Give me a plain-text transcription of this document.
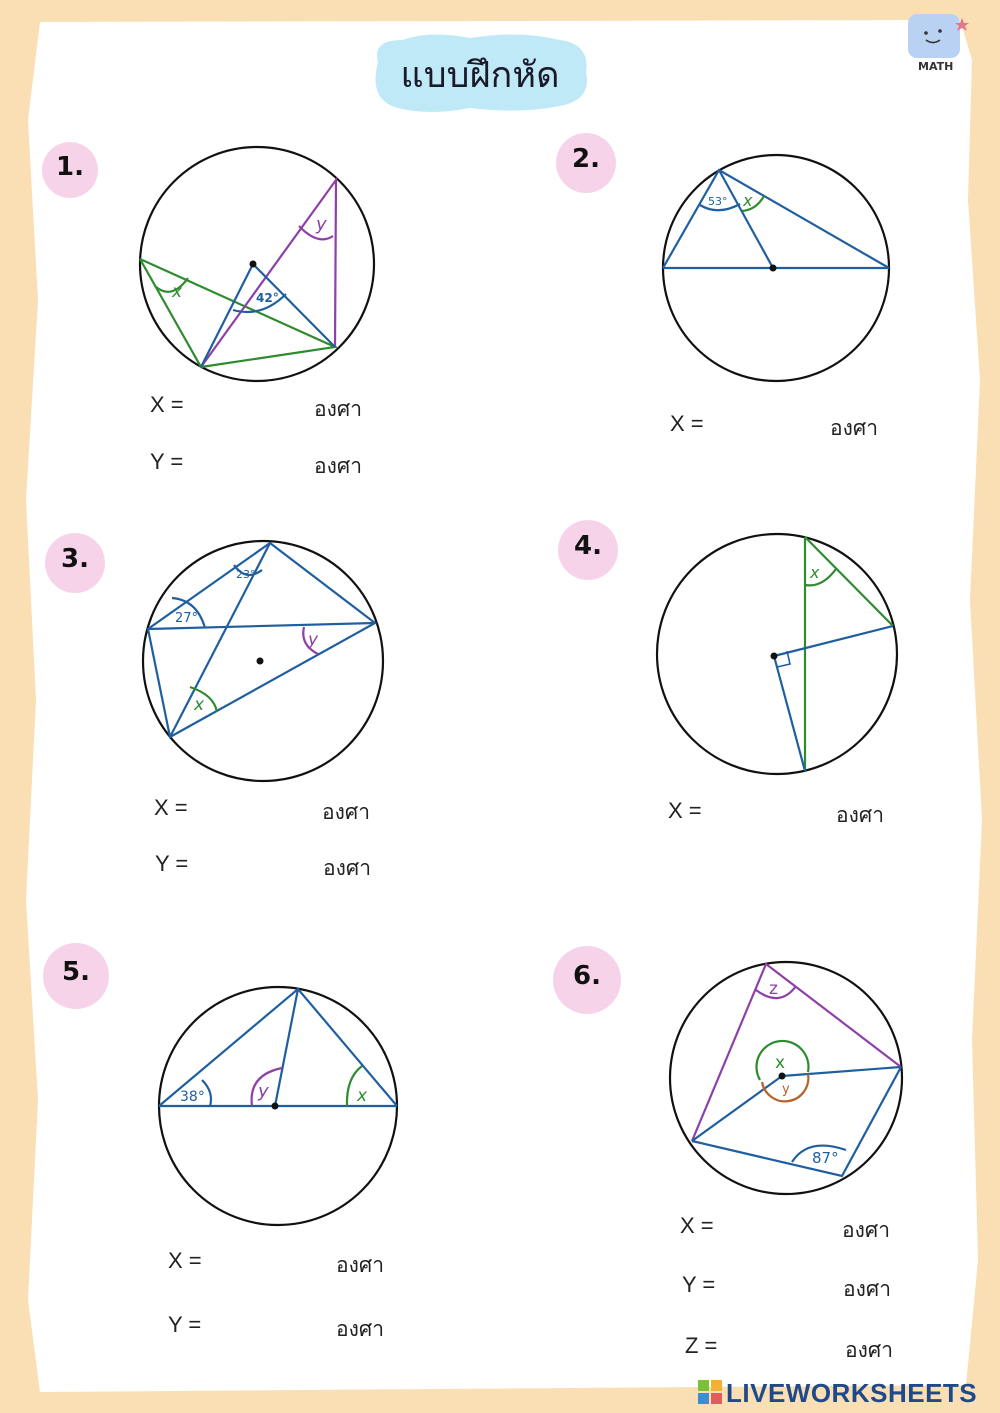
x
y
42°
53° x
27°
23°
y
x
x
38°	y	x
z
x
y
87°
แบบฝึกหัด	MATH
1.	2.
3.	4.
5.	6.
X =	องศา
Y =	องศา
X =	องศา
X =	องศา
Y =	องศา
X =	องศา
X =	องศา
Y =	องศา
X =	องศา
Y =	องศา
Z =	องศา
LIVEWORKSHEETS
